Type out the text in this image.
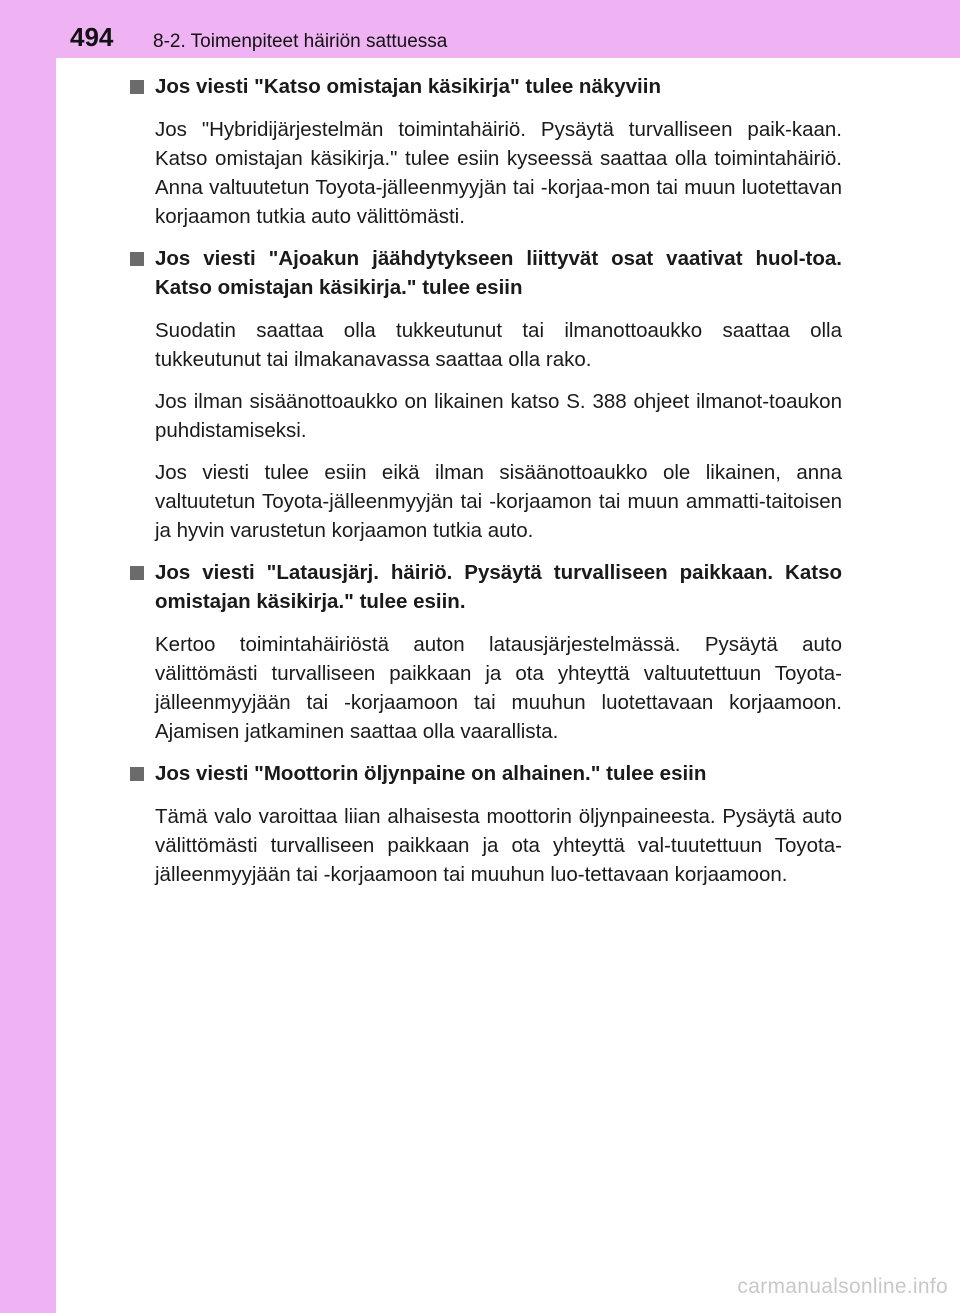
494 8-2. Toimenpiteet häiriön sattuessa
Jos viesti "Katso omistajan käsikirja" tulee näkyviin

Jos "Hybridijärjestelmän toimintahäiriö. Pysäytä turvalliseen paik-kaan. Katso omistajan käsikirja." tulee esiin kyseessä saattaa olla toimintahäiriö. Anna valtuutetun Toyota-jälleenmyyjän tai -korjaa-mon tai muun luotettavan korjaamon tutkia auto välittömästi.

Jos viesti "Ajoakun jäähdytykseen liittyvät osat vaativat huol-toa. Katso omistajan käsikirja." tulee esiin

Suodatin saattaa olla tukkeutunut tai ilmanottoaukko saattaa olla tukkeutunut tai ilmakanavassa saattaa olla rako.

Jos ilman sisäänottoaukko on likainen katso S. 388 ohjeet ilmanot-toaukon puhdistamiseksi.

Jos viesti tulee esiin eikä ilman sisäänottoaukko ole likainen, anna valtuutetun Toyota-jälleenmyyjän tai -korjaamon tai muun ammatti-taitoisen ja hyvin varustetun korjaamon tutkia auto.

Jos viesti "Latausjärj. häiriö. Pysäytä turvalliseen paikkaan. Katso omistajan käsikirja." tulee esiin.

Kertoo toimintahäiriöstä auton latausjärjestelmässä. Pysäytä auto välittömästi turvalliseen paikkaan ja ota yhteyttä valtuutettuun Toyota-jälleenmyyjään tai -korjaamoon tai muuhun luotettavaan korjaamoon. Ajamisen jatkaminen saattaa olla vaarallista.

Jos viesti "Moottorin öljynpaine on alhainen." tulee esiin

Tämä valo varoittaa liian alhaisesta moottorin öljynpaineesta. Pysäytä auto välittömästi turvalliseen paikkaan ja ota yhteyttä val-tuutettuun Toyota-jälleenmyyjään tai -korjaamoon tai muuhun luo-tettavaan korjaamoon.

carmanualsonline.info
